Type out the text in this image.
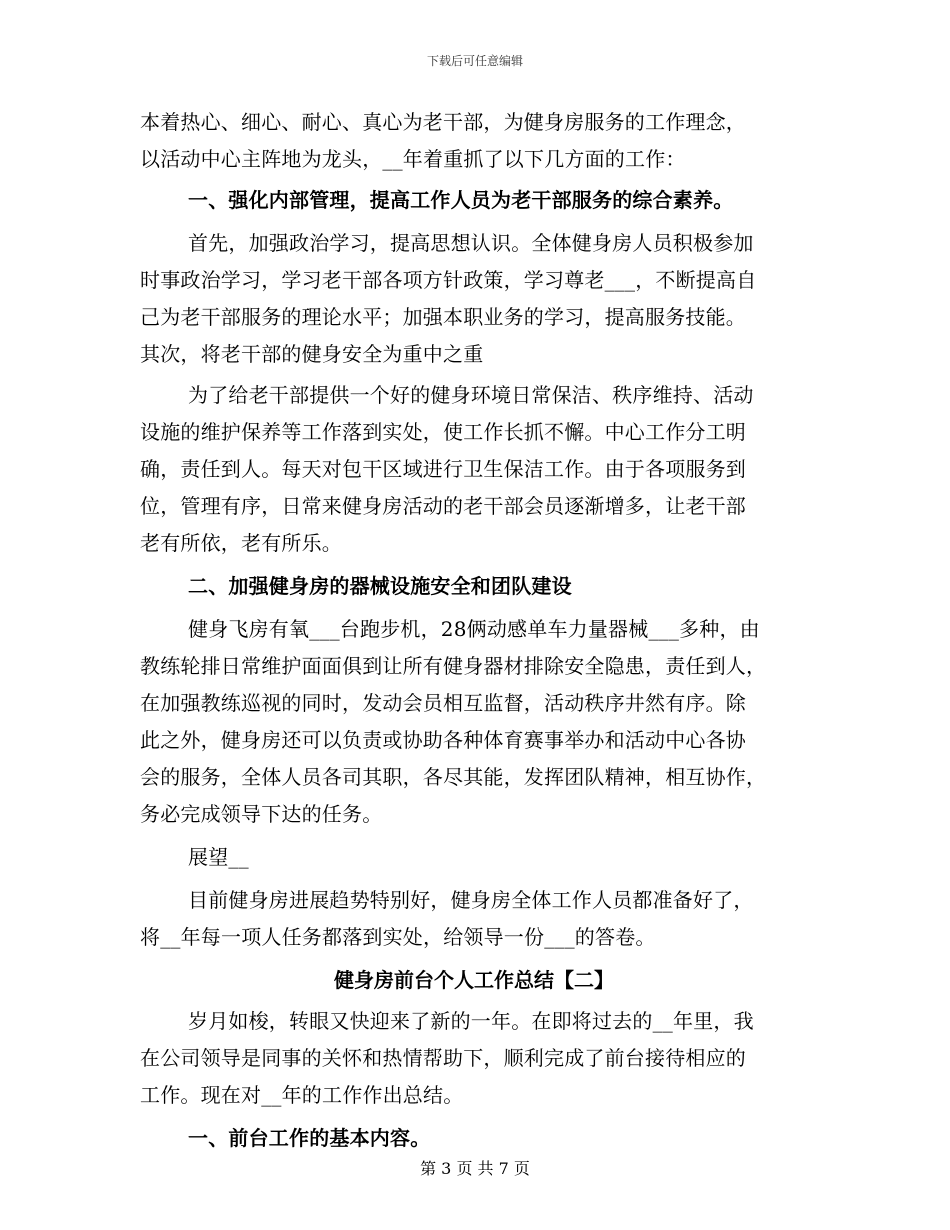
下载后可任意编辑

本着热心、细心、耐心、真心为老干部，为健身房服务的工作理念，

以活动中心主阵地为龙头，__年着重抓了以下几方面的工作：

一、强化内部管理，提高工作人员为老干部服务的综合素养。

首先，加强政治学习，提高思想认识。全体健身房人员积极参加

时事政治学习，学习老干部各项方针政策，学习尊老___，不断提高自

己为老干部服务的理论水平；加强本职业务的学习，提高服务技能。

其次，将老干部的健身安全为重中之重

为了给老干部提供一个好的健身环境日常保洁、秩序维持、活动

设施的维护保养等工作落到实处，使工作长抓不懈。中心工作分工明

确，责任到人。每天对包干区域进行卫生保洁工作。由于各项服务到

位，管理有序，日常来健身房活动的老干部会员逐渐增多，让老干部

老有所依，老有所乐。

二、加强健身房的器械设施安全和团队建设

健身飞房有氧___台跑步机，28俩动感单车力量器械___多种，由

教练轮排日常维护面面俱到让所有健身器材排除安全隐患，责任到人，

在加强教练巡视的同时，发动会员相互监督，活动秩序井然有序。除

此之外，健身房还可以负责或协助各种体育赛事举办和活动中心各协

会的服务，全体人员各司其职，各尽其能，发挥团队精神，相互协作，

务必完成领导下达的任务。

展望__

目前健身房进展趋势特别好，健身房全体工作人员都准备好了，

将__年每一项人任务都落到实处，给领导一份___的答卷。

健身房前台个人工作总结【二】

岁月如梭，转眼又快迎来了新的一年。在即将过去的__年里，我

在公司领导是同事的关怀和热情帮助下，顺利完成了前台接待相应的

工作。现在对__年的工作作出总结。

一、前台工作的基本内容。

第 3 页 共 7 页
